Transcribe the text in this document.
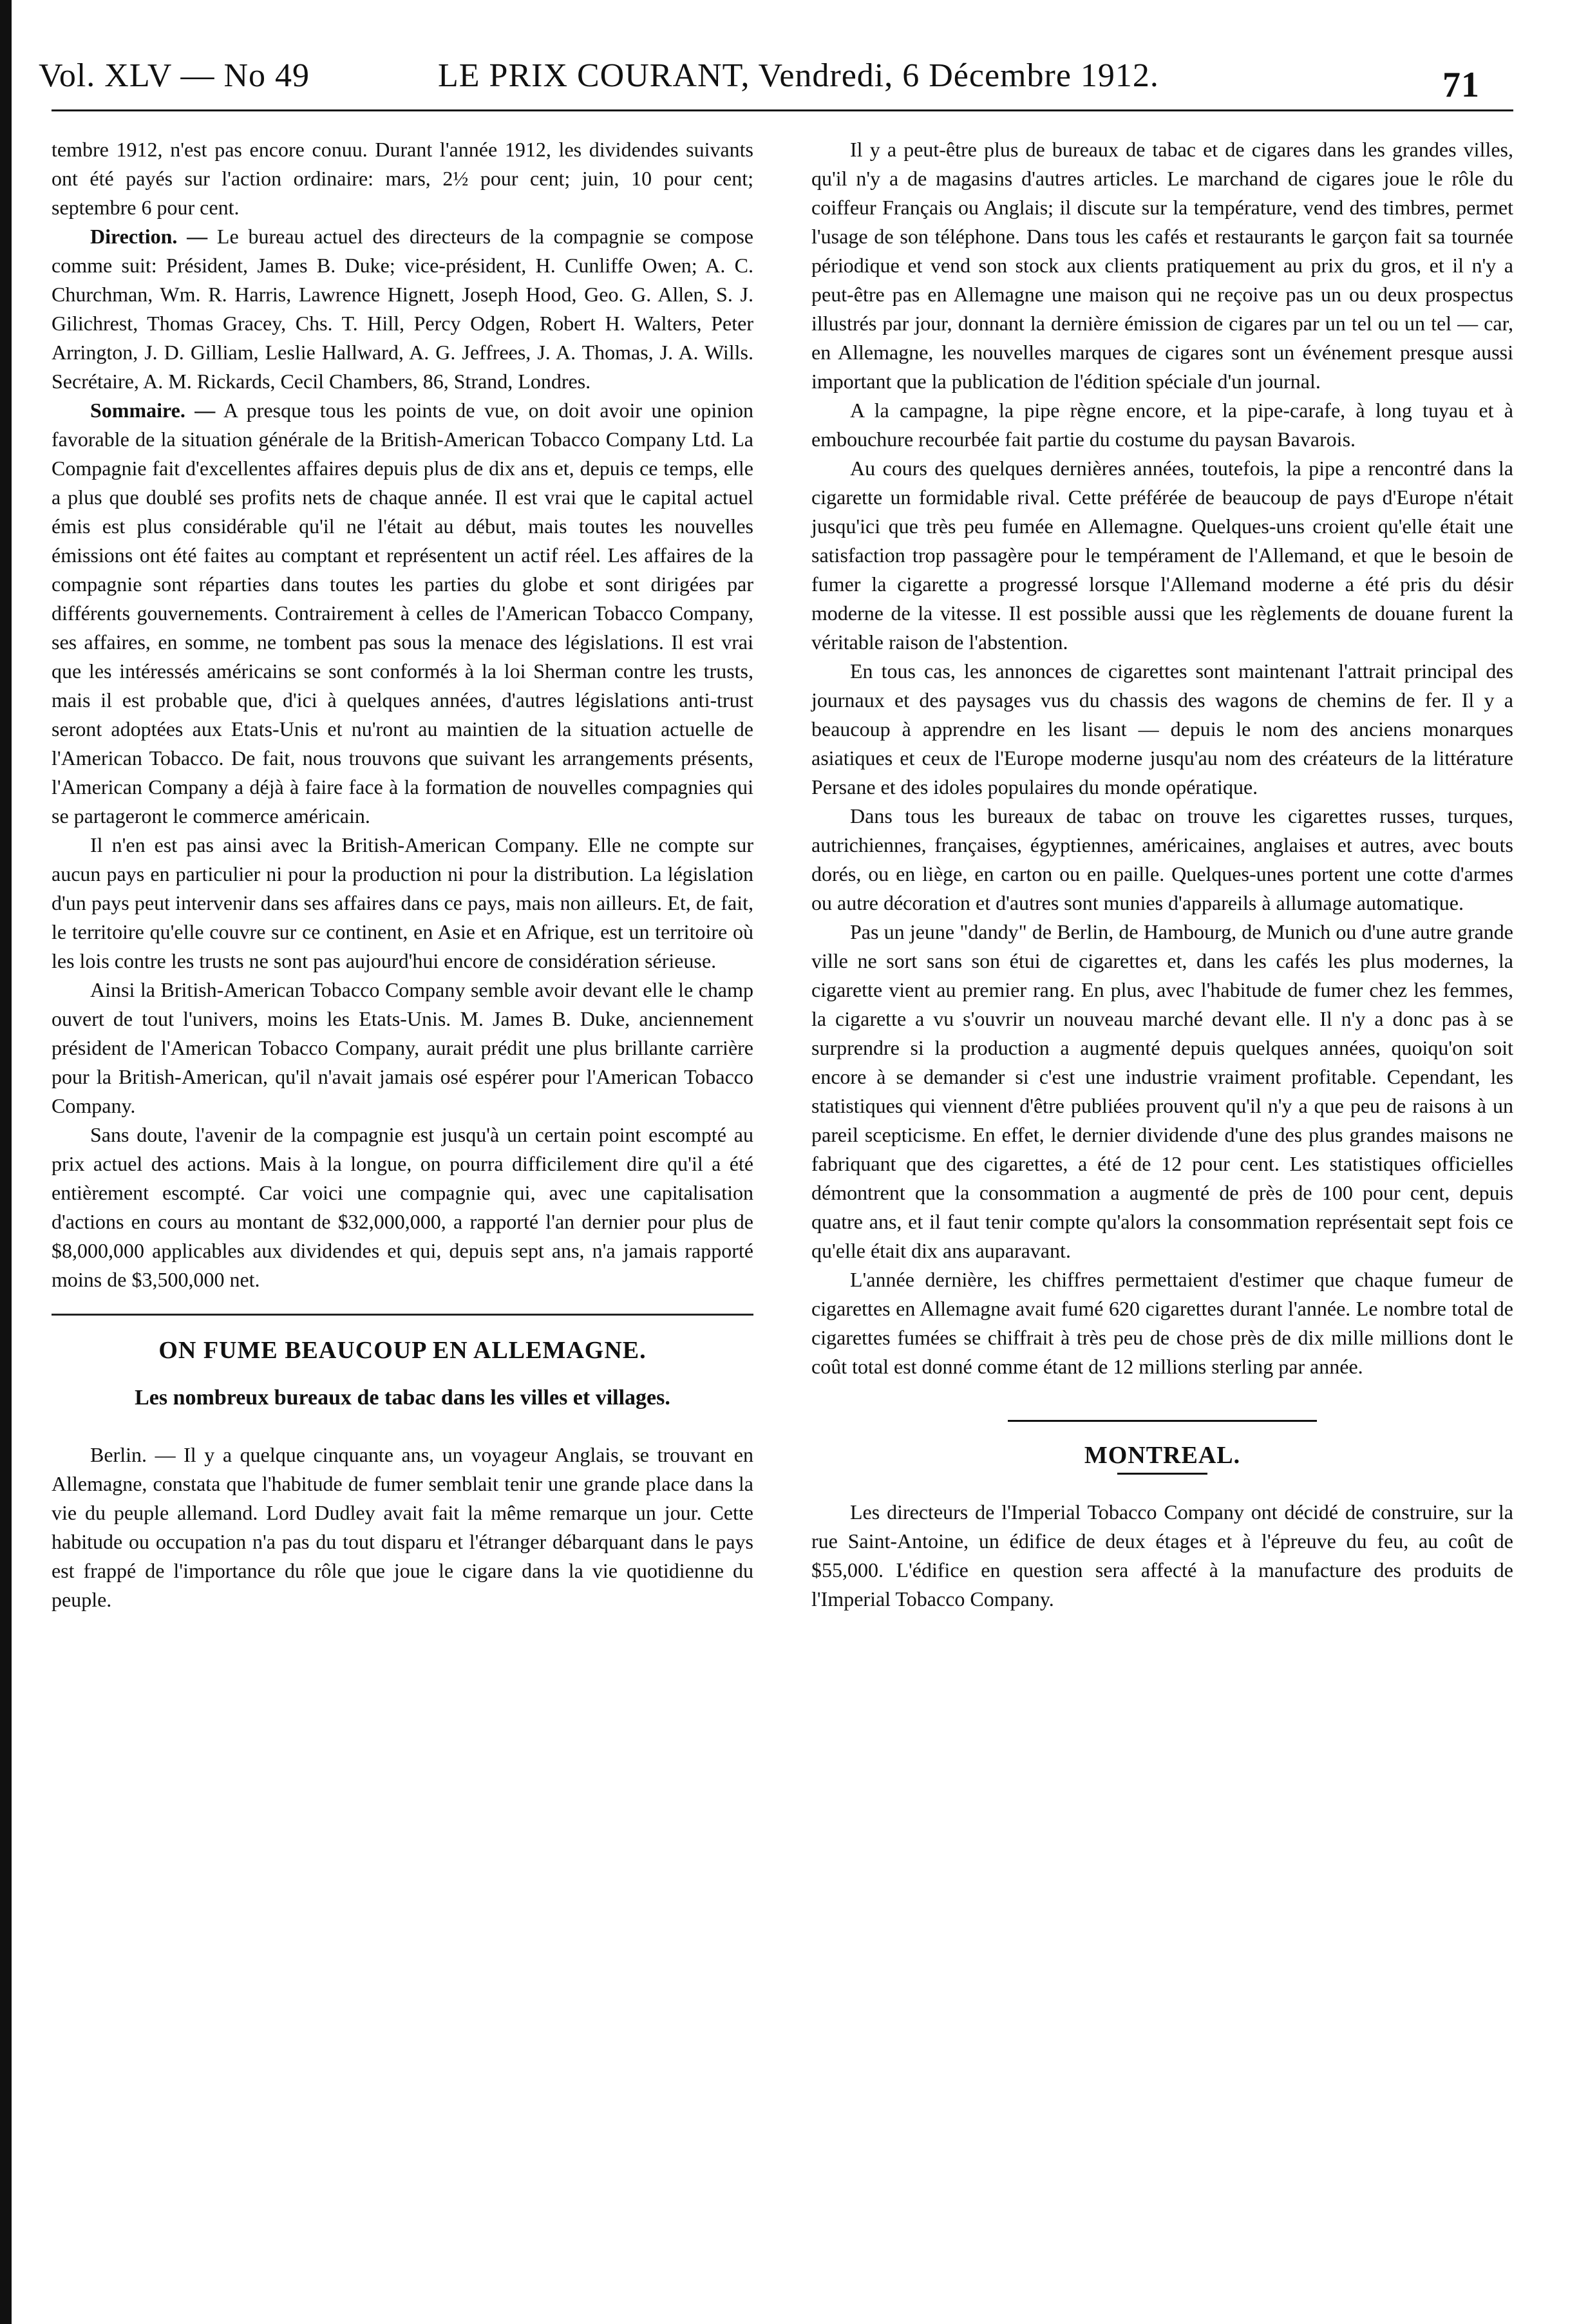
Vol. XLV — No 49	LE PRIX COURANT, Vendredi, 6 Décembre 1912.	71

tembre 1912, n'est pas encore conuu. Durant l'année 1912, les dividendes suivants ont été payés sur l'action ordinaire: mars, 2½ pour cent; juin, 10 pour cent; septembre 6 pour cent.

Direction. — Le bureau actuel des directeurs de la compagnie se compose comme suit: Président, James B. Duke; vice-président, H. Cunliffe Owen; A. C. Churchman, Wm. R. Harris, Lawrence Hignett, Joseph Hood, Geo. G. Allen, S. J. Gilichrest, Thomas Gracey, Chs. T. Hill, Percy Odgen, Robert H. Walters, Peter Arrington, J. D. Gilliam, Leslie Hallward, A. G. Jeffrees, J. A. Thomas, J. A. Wills. Secrétaire, A. M. Rickards, Cecil Chambers, 86, Strand, Londres.

Sommaire. — A presque tous les points de vue, on doit avoir une opinion favorable de la situation générale de la British-American Tobacco Company Ltd. La Compagnie fait d'excellentes affaires depuis plus de dix ans et, depuis ce temps, elle a plus que doublé ses profits nets de chaque année. Il est vrai que le capital actuel émis est plus considérable qu'il ne l'était au début, mais toutes les nouvelles émissions ont été faites au comptant et représentent un actif réel. Les affaires de la compagnie sont réparties dans toutes les parties du globe et sont dirigées par différents gouvernements. Contrairement à celles de l'American Tobacco Company, ses affaires, en somme, ne tombent pas sous la menace des législations. Il est vrai que les intéressés américains se sont conformés à la loi Sherman contre les trusts, mais il est probable que, d'ici à quelques années, d'autres législations anti-trust seront adoptées aux Etats-Unis et nu'ront au maintien de la situation actuelle de l'American Tobacco. De fait, nous trouvons que suivant les arrangements présents, l'American Company a déjà à faire face à la formation de nouvelles compagnies qui se partageront le commerce américain.

Il n'en est pas ainsi avec la British-American Company. Elle ne compte sur aucun pays en particulier ni pour la production ni pour la distribution. La législation d'un pays peut intervenir dans ses affaires dans ce pays, mais non ailleurs. Et, de fait, le territoire qu'elle couvre sur ce continent, en Asie et en Afrique, est un territoire où les lois contre les trusts ne sont pas aujourd'hui encore de considération sérieuse.

Ainsi la British-American Tobacco Company semble avoir devant elle le champ ouvert de tout l'univers, moins les Etats-Unis. M. James B. Duke, anciennement président de l'American Tobacco Company, aurait prédit une plus brillante carrière pour la British-American, qu'il n'avait jamais osé espérer pour l'American Tobacco Company.

Sans doute, l'avenir de la compagnie est jusqu'à un certain point escompté au prix actuel des actions. Mais à la longue, on pourra difficilement dire qu'il a été entièrement escompté. Car voici une compagnie qui, avec une capitalisation d'actions en cours au montant de $32,000,000, a rapporté l'an dernier pour plus de $8,000,000 applicables aux dividendes et qui, depuis sept ans, n'a jamais rapporté moins de $3,500,000 net.

ON FUME BEAUCOUP EN ALLEMAGNE.
Les nombreux bureaux de tabac dans les villes et villages.

Berlin. — Il y a quelque cinquante ans, un voyageur Anglais, se trouvant en Allemagne, constata que l'habitude de fumer semblait tenir une grande place dans la vie du peuple allemand. Lord Dudley avait fait la même remarque un jour. Cette habitude ou occupation n'a pas du tout disparu et l'étranger débarquant dans le pays est frappé de l'importance du rôle que joue le cigare dans la vie quotidienne du peuple.

Il y a peut-être plus de bureaux de tabac et de cigares dans les grandes villes, qu'il n'y a de magasins d'autres articles. Le marchand de cigares joue le rôle du coiffeur Français ou Anglais; il discute sur la température, vend des timbres, permet l'usage de son téléphone. Dans tous les cafés et restaurants le garçon fait sa tournée périodique et vend son stock aux clients pratiquement au prix du gros, et il n'y a peut-être pas en Allemagne une maison qui ne reçoive pas un ou deux prospectus illustrés par jour, donnant la dernière émission de cigares par un tel ou un tel — car, en Allemagne, les nouvelles marques de cigares sont un événement presque aussi important que la publication de l'édition spéciale d'un journal.

A la campagne, la pipe règne encore, et la pipe-carafe, à long tuyau et à embouchure recourbée fait partie du costume du paysan Bavarois.

Au cours des quelques dernières années, toutefois, la pipe a rencontré dans la cigarette un formidable rival. Cette préférée de beaucoup de pays d'Europe n'était jusqu'ici que très peu fumée en Allemagne. Quelques-uns croient qu'elle était une satisfaction trop passagère pour le tempérament de l'Allemand, et que le besoin de fumer la cigarette a progressé lorsque l'Allemand moderne a été pris du désir moderne de la vitesse. Il est possible aussi que les règlements de douane furent la véritable raison de l'abstention.

En tous cas, les annonces de cigarettes sont maintenant l'attrait principal des journaux et des paysages vus du chassis des wagons de chemins de fer. Il y a beaucoup à apprendre en les lisant — depuis le nom des anciens monarques asiatiques et ceux de l'Europe moderne jusqu'au nom des créateurs de la littérature Persane et des idoles populaires du monde opératique.

Dans tous les bureaux de tabac on trouve les cigarettes russes, turques, autrichiennes, françaises, égyptiennes, américaines, anglaises et autres, avec bouts dorés, ou en liège, en carton ou en paille. Quelques-unes portent une cotte d'armes ou autre décoration et d'autres sont munies d'appareils à allumage automatique.

Pas un jeune "dandy" de Berlin, de Hambourg, de Munich ou d'une autre grande ville ne sort sans son étui de cigarettes et, dans les cafés les plus modernes, la cigarette vient au premier rang. En plus, avec l'habitude de fumer chez les femmes, la cigarette a vu s'ouvrir un nouveau marché devant elle. Il n'y a donc pas à se surprendre si la production a augmenté depuis quelques années, quoiqu'on soit encore à se demander si c'est une industrie vraiment profitable. Cependant, les statistiques qui viennent d'être publiées prouvent qu'il n'y a que peu de raisons à un pareil scepticisme. En effet, le dernier dividende d'une des plus grandes maisons ne fabriquant que des cigarettes, a été de 12 pour cent. Les statistiques officielles démontrent que la consommation a augmenté de près de 100 pour cent, depuis quatre ans, et il faut tenir compte qu'alors la consommation représentait sept fois ce qu'elle était dix ans auparavant.

L'année dernière, les chiffres permettaient d'estimer que chaque fumeur de cigarettes en Allemagne avait fumé 620 cigarettes durant l'année. Le nombre total de cigarettes fumées se chiffrait à très peu de chose près de dix mille millions dont le coût total est donné comme étant de 12 millions sterling par année.

MONTREAL.

Les directeurs de l'Imperial Tobacco Company ont décidé de construire, sur la rue Saint-Antoine, un édifice de deux étages et à l'épreuve du feu, au coût de $55,000. L'édifice en question sera affecté à la manufacture des produits de l'Imperial Tobacco Company.
